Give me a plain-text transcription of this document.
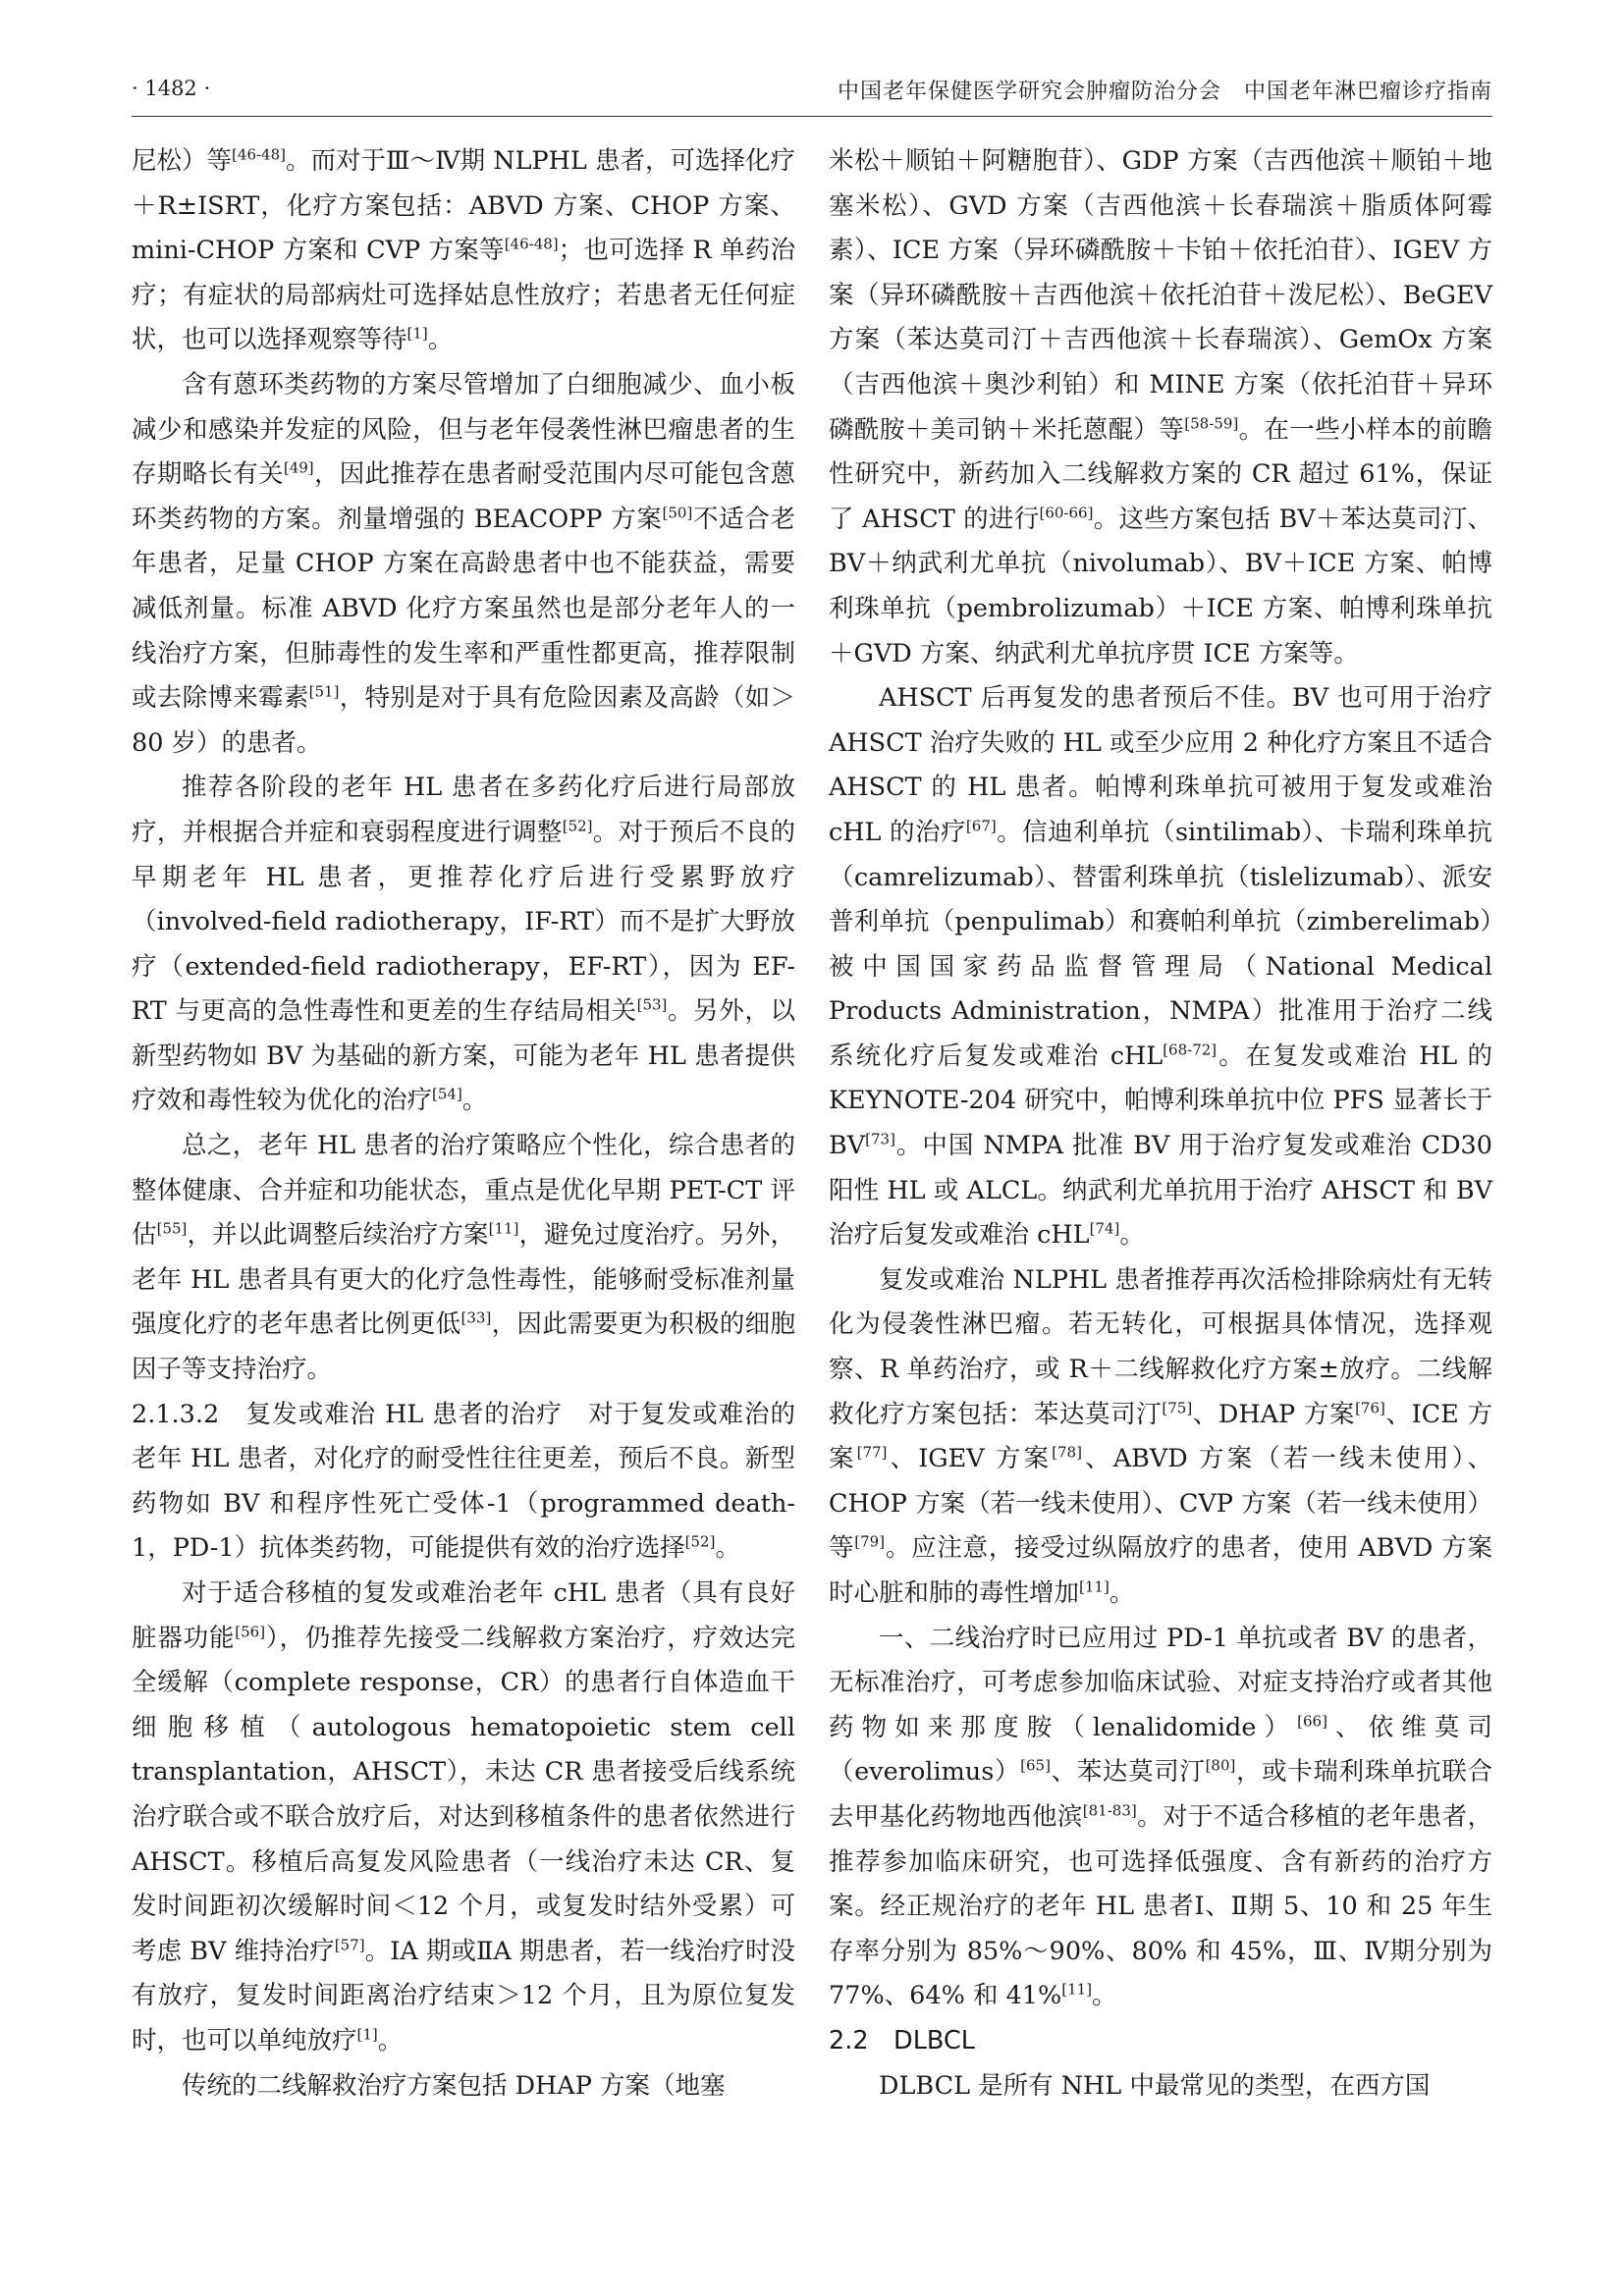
· 1482 ·	中国老年保健医学研究会肿瘤防治分会　中国老年淋巴瘤诊疗指南

尼松）等[46-48]。而对于Ⅲ～Ⅳ期 NLPHL 患者，可选择化疗＋R±ISRT，化疗方案包括：ABVD 方案、CHOP 方案、mini-CHOP 方案和 CVP 方案等[46-48]；也可选择 R 单药治疗；有症状的局部病灶可选择姑息性放疗；若患者无任何症状，也可以选择观察等待[1]。

含有蒽环类药物的方案尽管增加了白细胞减少、血小板减少和感染并发症的风险，但与老年侵袭性淋巴瘤患者的生存期略长有关[49]，因此推荐在患者耐受范围内尽可能包含蒽环类药物的方案。剂量增强的 BEACOPP 方案[50]不适合老年患者，足量 CHOP 方案在高龄患者中也不能获益，需要减低剂量。标准 ABVD 化疗方案虽然也是部分老年人的一线治疗方案，但肺毒性的发生率和严重性都更高，推荐限制或去除博来霉素[51]，特别是对于具有危险因素及高龄（如＞80 岁）的患者。

推荐各阶段的老年 HL 患者在多药化疗后进行局部放疗，并根据合并症和衰弱程度进行调整[52]。对于预后不良的早期老年 HL 患者，更推荐化疗后进行受累野放疗（involved-field radiotherapy，IF-RT）而不是扩大野放疗（extended-field radiotherapy，EF-RT），因为 EF-RT 与更高的急性毒性和更差的生存结局相关[53]。另外，以新型药物如 BV 为基础的新方案，可能为老年 HL 患者提供疗效和毒性较为优化的治疗[54]。

总之，老年 HL 患者的治疗策略应个性化，综合患者的整体健康、合并症和功能状态，重点是优化早期 PET-CT 评估[55]，并以此调整后续治疗方案[11]，避免过度治疗。另外，老年 HL 患者具有更大的化疗急性毒性，能够耐受标准剂量强度化疗的老年患者比例更低[33]，因此需要更为积极的细胞因子等支持治疗。

2.1.3.2　复发或难治 HL 患者的治疗　对于复发或难治的老年 HL 患者，对化疗的耐受性往往更差，预后不良。新型药物如 BV 和程序性死亡受体-1（programmed death-1，PD-1）抗体类药物，可能提供有效的治疗选择[52]。

对于适合移植的复发或难治老年 cHL 患者（具有良好脏器功能[56]），仍推荐先接受二线解救方案治疗，疗效达完全缓解（complete response，CR）的患者行自体造血干细胞移植（autologous hematopoietic stem cell transplantation，AHSCT），未达 CR 患者接受后线系统治疗联合或不联合放疗后，对达到移植条件的患者依然进行 AHSCT。移植后高复发风险患者（一线治疗未达 CR、复发时间距初次缓解时间＜12 个月，或复发时结外受累）可考虑 BV 维持治疗[57]。ⅠA 期或ⅡA 期患者，若一线治疗时没有放疗，复发时间距离治疗结束＞12 个月，且为原位复发时，也可以单纯放疗[1]。

传统的二线解救治疗方案包括 DHAP 方案（地塞

米松＋顺铂＋阿糖胞苷）、GDP 方案（吉西他滨＋顺铂＋地塞米松）、GVD 方案（吉西他滨＋长春瑞滨＋脂质体阿霉素）、ICE 方案（异环磷酰胺＋卡铂＋依托泊苷）、IGEV 方案（异环磷酰胺＋吉西他滨＋依托泊苷＋泼尼松）、BeGEV 方案（苯达莫司汀＋吉西他滨＋长春瑞滨）、GemOx 方案（吉西他滨＋奥沙利铂）和 MINE 方案（依托泊苷＋异环磷酰胺＋美司钠＋米托蒽醌）等[58-59]。在一些小样本的前瞻性研究中，新药加入二线解救方案的 CR 超过 61%，保证了 AHSCT 的进行[60-66]。这些方案包括 BV＋苯达莫司汀、BV＋纳武利尤单抗（nivolumab）、BV＋ICE 方案、帕博利珠单抗（pembrolizumab）＋ICE 方案、帕博利珠单抗＋GVD 方案、纳武利尤单抗序贯 ICE 方案等。

AHSCT 后再复发的患者预后不佳。BV 也可用于治疗 AHSCT 治疗失败的 HL 或至少应用 2 种化疗方案且不适合 AHSCT 的 HL 患者。帕博利珠单抗可被用于复发或难治 cHL 的治疗[67]。信迪利单抗（sintilimab）、卡瑞利珠单抗（camrelizumab）、替雷利珠单抗（tislelizumab）、派安普利单抗（penpulimab）和赛帕利单抗（zimberelimab）被中国国家药品监督管理局（National Medical Products Administration，NMPA）批准用于治疗二线系统化疗后复发或难治 cHL[68-72]。在复发或难治 HL 的 KEYNOTE-204 研究中，帕博利珠单抗中位 PFS 显著长于 BV[73]。中国 NMPA 批准 BV 用于治疗复发或难治 CD30 阳性 HL 或 ALCL。纳武利尤单抗用于治疗 AHSCT 和 BV 治疗后复发或难治 cHL[74]。

复发或难治 NLPHL 患者推荐再次活检排除病灶有无转化为侵袭性淋巴瘤。若无转化，可根据具体情况，选择观察、R 单药治疗，或 R＋二线解救化疗方案±放疗。二线解救化疗方案包括：苯达莫司汀[75]、DHAP 方案[76]、ICE 方案[77]、IGEV 方案[78]、ABVD 方案（若一线未使用）、CHOP 方案（若一线未使用）、CVP 方案（若一线未使用）等[79]。应注意，接受过纵隔放疗的患者，使用 ABVD 方案时心脏和肺的毒性增加[11]。

一、二线治疗时已应用过 PD-1 单抗或者 BV 的患者，无标准治疗，可考虑参加临床试验、对症支持治疗或者其他药物如来那度胺（lenalidomide）[66]、依维莫司（everolimus）[65]、苯达莫司汀[80]，或卡瑞利珠单抗联合去甲基化药物地西他滨[81-83]。对于不适合移植的老年患者，推荐参加临床研究，也可选择低强度、含有新药的治疗方案。经正规治疗的老年 HL 患者Ⅰ、Ⅱ期 5、10 和 25 年生存率分别为 85%～90%、80% 和 45%，Ⅲ、Ⅳ期分别为 77%、64% 和 41%[11]。

2.2　DLBCL

DLBCL 是所有 NHL 中最常见的类型，在西方国
